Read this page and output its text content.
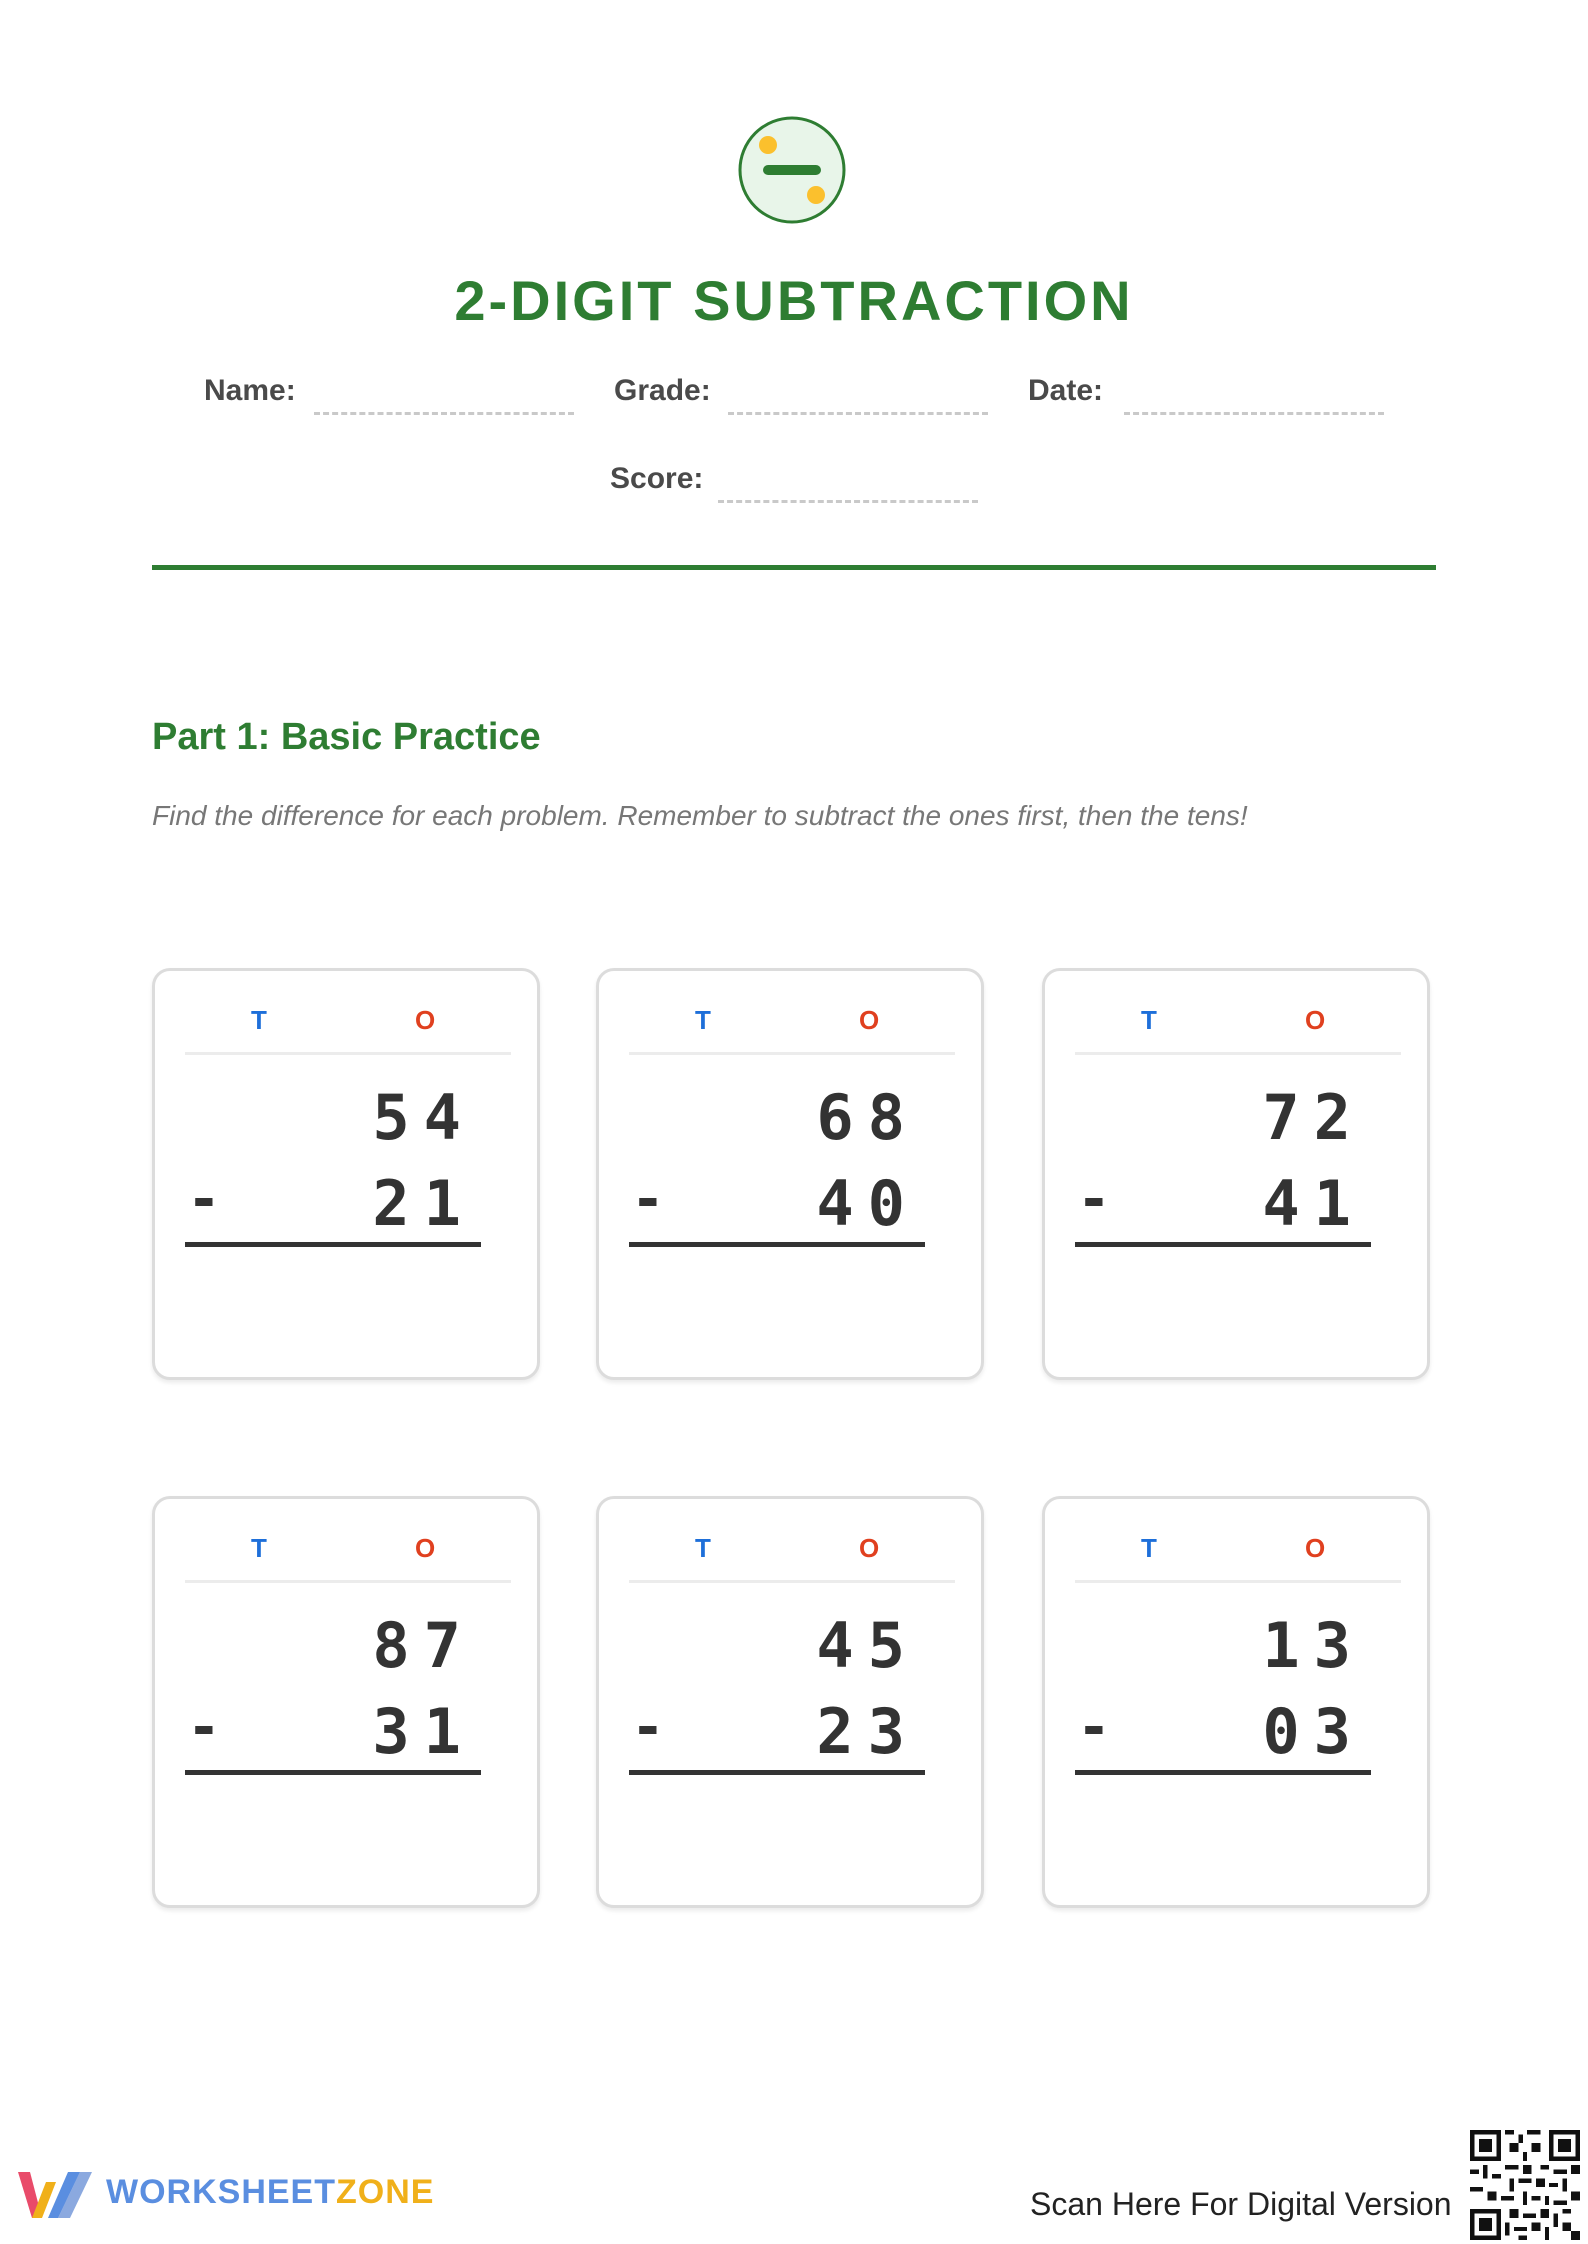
2-DIGIT SUBTRACTION
Name:	Grade:	Date:
Score:
Part 1: Basic Practice
Find the difference for each problem. Remember to subtract the ones first, then the tens!
T	O
54
-	21
T	O
68
-	40
T	O
72
-	41
T	O
87
-	31
T	O
45
-	23
T	O
13
-	03
WORKSHEETZONE	Scan Here For Digital Version
